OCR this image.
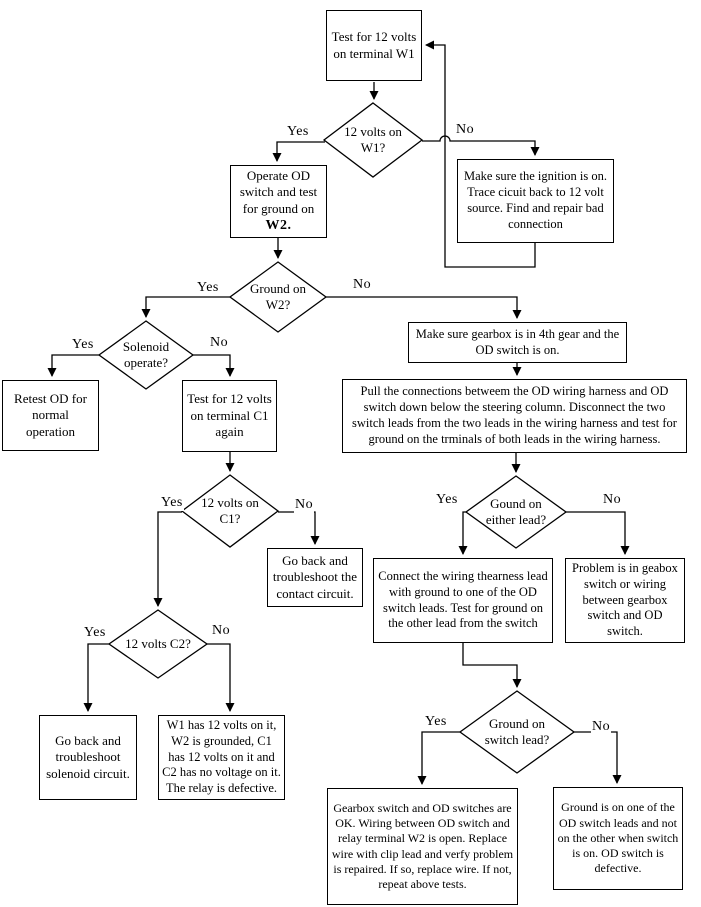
Test for 12 volts on terminal W1
Operate OD switch and test for ground on
W2.
Make sure the ignition is on. Trace cicuit back to 12 volt source. Find and repair bad connection
Retest OD for normal operation
Test for 12 volts on terminal C1 again
Make sure gearbox is in 4th gear and the OD switch is on.
Pull the connections betweem the OD wiring harness and OD switch down below the steering column. Disconnect the two switch leads from the two leads in the wiring harness and test for ground on the trminals of both leads in the wiring harness.
Go back and troubleshoot the contact circuit.
Connect the wiring thearness lead with ground to one of the OD switch leads. Test for ground on the other lead from the switch
Problem is in geabox switch or wiring between gearbox switch and OD switch.
Go back and troubleshoot solenoid circuit.
W1 has 12 volts on it, W2 is grounded, C1 has 12 volts on it and C2 has no voltage on it. The relay is defective.
Gearbox switch and OD switches are OK. Wiring between OD switch and relay terminal W2 is open. Replace wire with clip lead and verfy problem is repaired. If so, replace wire. If not, repeat above tests.
Ground is on one of the OD switch leads and not on the other when switch is on. OD switch is defective.
12 volts on W1?
Ground on W2?
Solenoid operate?
12 volts on C1?
12 volts C2?
Gound on either lead?
Ground on switch lead?
Yes	No
Yes	No
Yes	No
Yes	No
Yes	No
Yes	No
Yes	No
